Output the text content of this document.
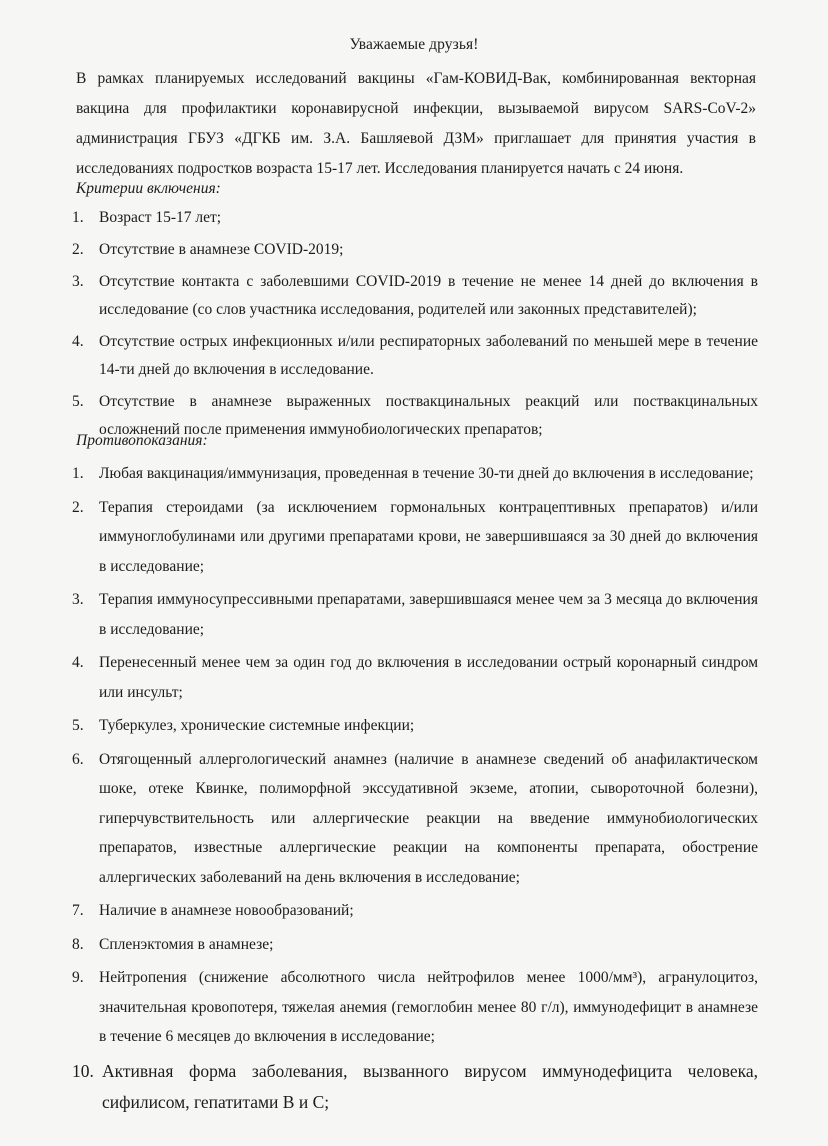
Уважаемые друзья!

В рамках планируемых исследований вакцины «Гам-КОВИД-Вак, комбинированная векторная вакцина для профилактики коронавирусной инфекции, вызываемой вирусом SARS-CoV-2» администрация ГБУЗ «ДГКБ им. З.А. Башляевой ДЗМ» приглашает для принятия участия в исследованиях подростков возраста 15-17 лет. Исследования планируется начать с 24 июня.

Критерии включения:
1. Возраст 15-17 лет;
2. Отсутствие в анамнезе COVID-2019;
3. Отсутствие контакта с заболевшими COVID-2019 в течение не менее 14 дней до включения в исследование (со слов участника исследования, родителей или законных представителей);
4. Отсутствие острых инфекционных и/или респираторных заболеваний по меньшей мере в течение 14-ти дней до включения в исследование.
5. Отсутствие в анамнезе выраженных поствакцинальных реакций или поствакцинальных осложнений после применения иммунобиологических препаратов;
Противопоказания:
1. Любая вакцинация/иммунизация, проведенная в течение 30-ти дней до включения в исследование;
2. Терапия стероидами (за исключением гормональных контрацептивных препаратов) и/или иммуноглобулинами или другими препаратами крови, не завершившаяся за 30 дней до включения в исследование;
3. Терапия иммуносупрессивными препаратами, завершившаяся менее чем за 3 месяца до включения в исследование;
4. Перенесенный менее чем за один год до включения в исследовании острый коронарный синдром или инсульт;
5. Туберкулез, хронические системные инфекции;
6. Отягощенный аллергологический анамнез (наличие в анамнезе сведений об анафилактическом шоке, отеке Квинке, полиморфной экссудативной экземе, атопии, сывороточной болезни), гиперчувствительность или аллергические реакции на введение иммунобиологических препаратов, известные аллергические реакции на компоненты препарата, обострение аллергических заболеваний на день включения в исследование;
7. Наличие в анамнезе новообразований;
8. Спленэктомия в анамнезе;
9. Нейтропения (снижение абсолютного числа нейтрофилов менее 1000/мм³), агранулоцитоз, значительная кровопотеря, тяжелая анемия (гемоглобин менее 80 г/л), иммунодефицит в анамнезе в течение 6 месяцев до включения в исследование;
10. Активная форма заболевания, вызванного вирусом иммунодефицита человека, сифилисом, гепатитами В и С;
